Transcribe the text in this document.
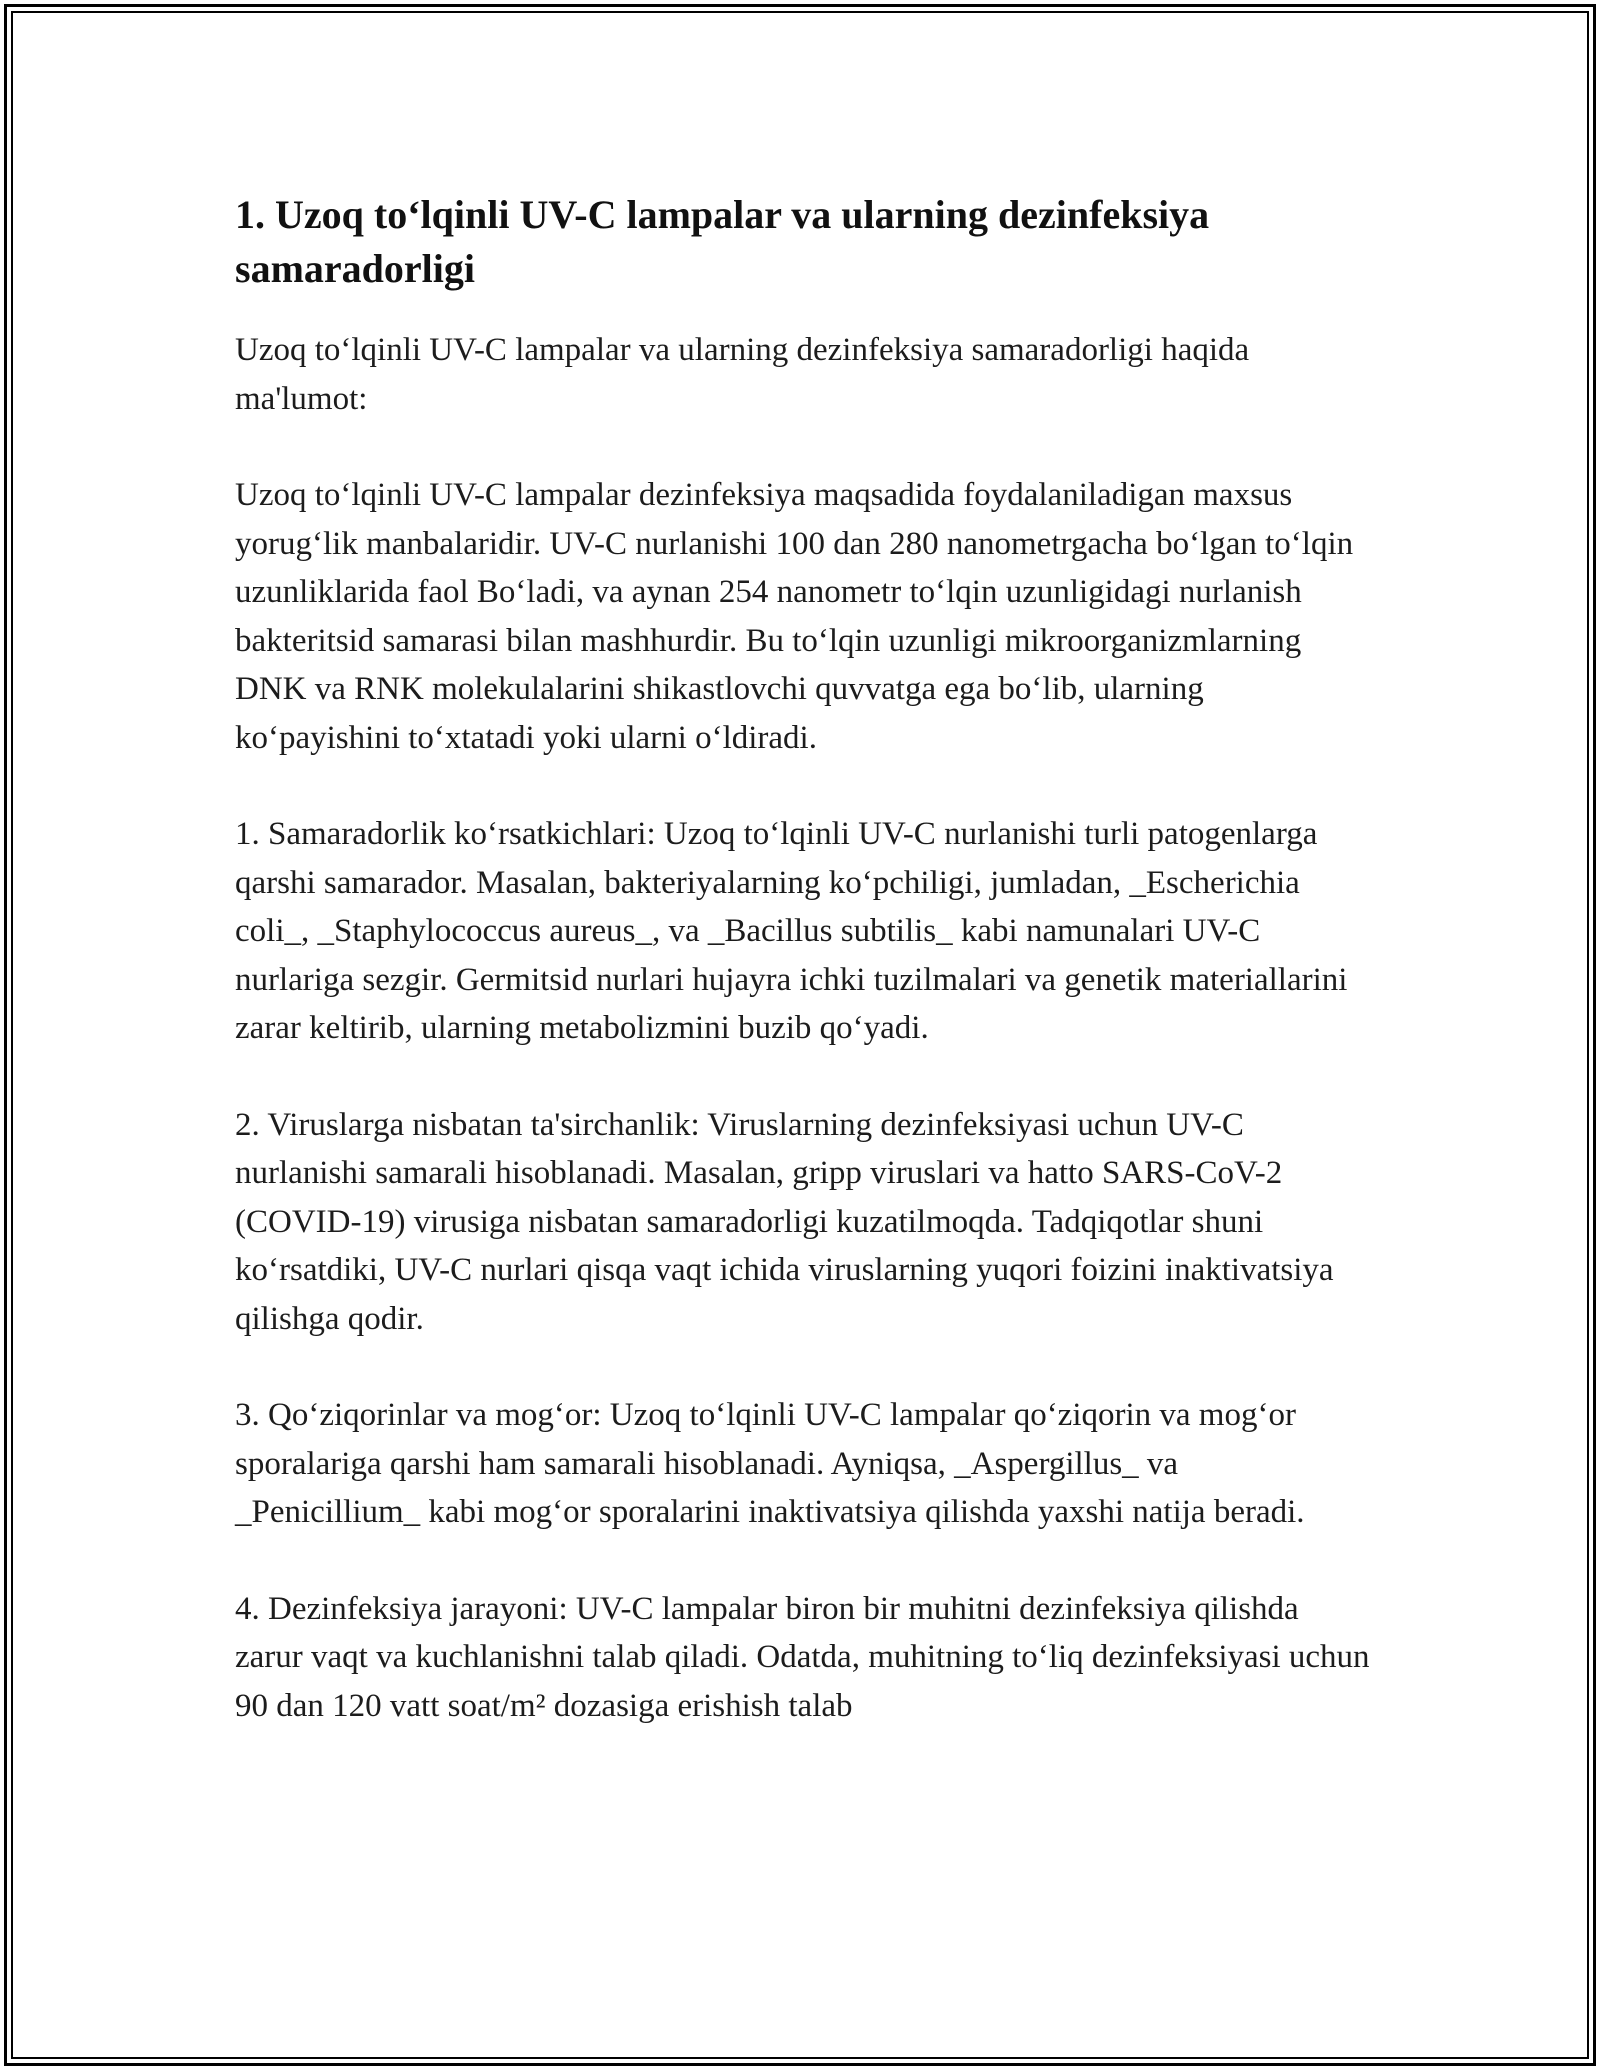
1. Uzoq to‘lqinli UV-C lampalar va ularning dezinfeksiya samaradorligi

Uzoq to‘lqinli UV-C lampalar va ularning dezinfeksiya samaradorligi haqida ma'lumot:

Uzoq to‘lqinli UV-C lampalar dezinfeksiya maqsadida foydalaniladigan maxsus yorug‘lik manbalaridir. UV-C nurlanishi 100 dan 280 nanometrgacha bo‘lgan to‘lqin uzunliklarida faol Bo‘ladi, va aynan 254 nanometr to‘lqin uzunligidagi nurlanish bakteritsid samarasi bilan mashhurdir. Bu to‘lqin uzunligi mikroorganizmlarning DNK va RNK molekulalarini shikastlovchi quvvatga ega bo‘lib, ularning ko‘payishini to‘xtatadi yoki ularni o‘ldiradi.

1. Samaradorlik ko‘rsatkichlari: Uzoq to‘lqinli UV-C nurlanishi turli patogenlarga qarshi samarador. Masalan, bakteriyalarning ko‘pchiligi, jumladan, _Escherichia coli_, _Staphylococcus aureus_, va _Bacillus subtilis_ kabi namunalari UV-C nurlariga sezgir. Germitsid nurlari hujayra ichki tuzilmalari va genetik materiallarini zarar keltirib, ularning metabolizmini buzib qo‘yadi.

2. Viruslarga nisbatan ta'sirchanlik: Viruslarning dezinfeksiyasi uchun UV-C nurlanishi samarali hisoblanadi. Masalan, gripp viruslari va hatto SARS-CoV-2 (COVID-19) virusiga nisbatan samaradorligi kuzatilmoqda. Tadqiqotlar shuni ko‘rsatdiki, UV-C nurlari qisqa vaqt ichida viruslarning yuqori foizini inaktivatsiya qilishga qodir.

3. Qo‘ziqorinlar va mog‘or: Uzoq to‘lqinli UV-C lampalar qo‘ziqorin va mog‘or sporalariga qarshi ham samarali hisoblanadi. Ayniqsa, _Aspergillus_ va _Penicillium_ kabi mog‘or sporalarini inaktivatsiya qilishda yaxshi natija beradi.

4. Dezinfeksiya jarayoni: UV-C lampalar biron bir muhitni dezinfeksiya qilishda zarur vaqt va kuchlanishni talab qiladi. Odatda, muhitning to‘liq dezinfeksiyasi uchun 90 dan 120 vatt soat/m² dozasiga erishish talab
